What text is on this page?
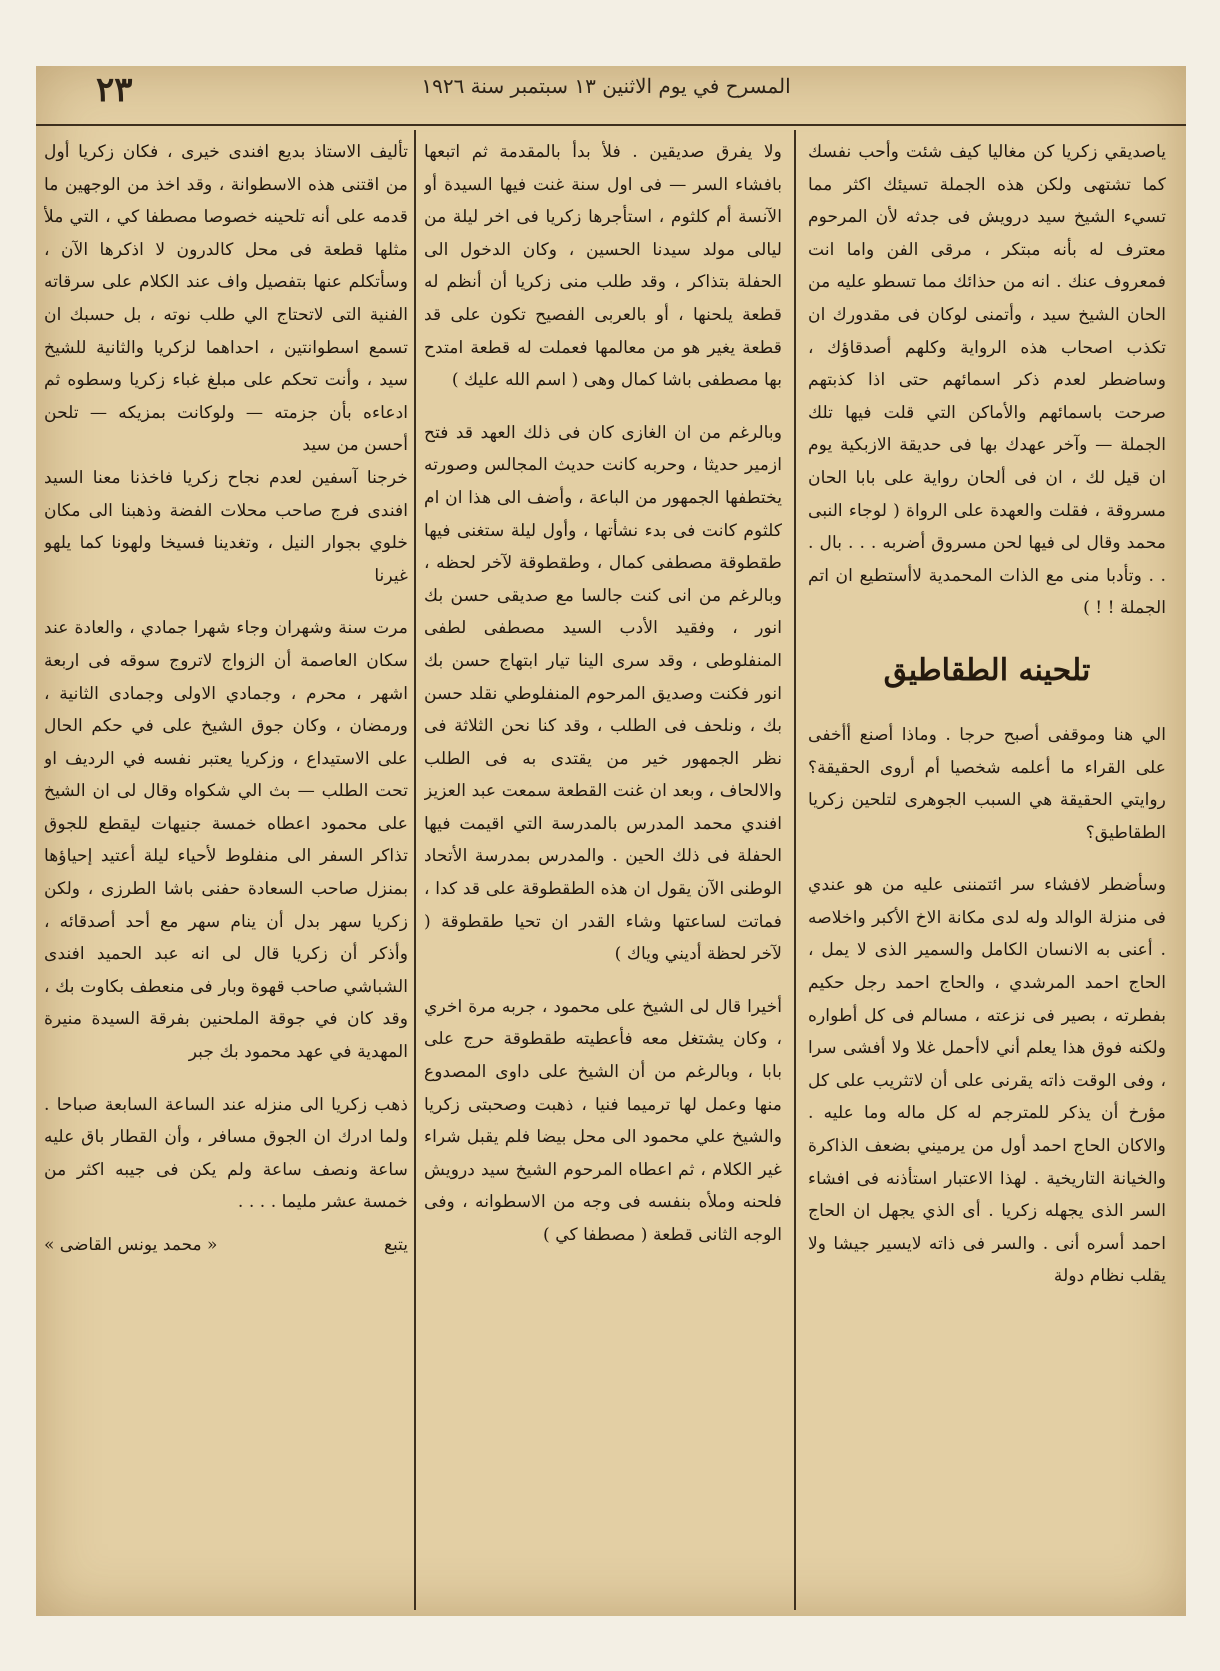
المسرح في يوم الاثنين ١٣ سبتمبر سنة ١٩٢٦
٢٣

ياصديقي زكريا كن مغاليا كيف شئت وأحب نفسك كما تشتهى ولكن هذه الجملة تسيئك اكثر مما تسيء الشيخ سيد درويش فى جدثه لأن المرحوم معترف له بأنه مبتكر ، مرقى الفن واما انت فمعروف عنك . انه من حذائك مما تسطو عليه من الحان الشيخ سيد ، وأتمنى لوكان فى مقدورك ان تكذب اصحاب هذه الرواية وكلهم أصدقاؤك ، وساضطر لعدم ذكر اسمائهم حتى اذا كذبتهم صرحت باسمائهم والأماكن التي قلت فيها تلك الجملة — وآخر عهدك بها فى حديقة الازبكية يوم ان قيل لك ، ان فى ألحان رواية على بابا الحان مسروقة ، فقلت والعهدة على الرواة ( لوجاء النبى محمد وقال لى فيها لحن مسروق أضربه . . . بال . . . وتأدبا منى مع الذات المحمدية لاأستطيع ان اتم الجملة ! ! )

تلحينه الطقاطيق

الي هنا وموقفى أصبح حرجا . وماذا أصنع أأخفى على القراء ما أعلمه شخصيا أم أروى الحقيقة؟ روايتي الحقيقة هي السبب الجوهرى لتلحين زكريا الطقاطيق؟

وسأضطر لافشاء سر ائتمننى عليه من هو عندي فى منزلة الوالد وله لدى مكانة الاخ الأكبر واخلاصه . أعنى به الانسان الكامل والسمير الذى لا يمل ، الحاج احمد المرشدي ، والحاج احمد رجل حكيم بفطرته ، بصير فى نزعته ، مسالم فى كل أطواره ولكنه فوق هذا يعلم أني لاأحمل غلا ولا أفشى سرا ، وفى الوقت ذاته يقرنى على أن لاتثريب على كل مؤرخ أن يذكر للمترجم له كل ماله وما عليه . والاكان الحاج احمد أول من يرميني بضعف الذاكرة والخيانة التاريخية . لهذا الاعتبار استأذنه فى افشاء السر الذى يجهله زكريا . أى الذي يجهل ان الحاج احمد أسره أنى . والسر فى ذاته لايسير جيشا ولا يقلب نظام دولة

ولا يفرق صديقين . فلأ بدأ بالمقدمة ثم اتبعها بافشاء السر — فى اول سنة غنت فيها السيدة أو الآنسة أم كلثوم ، استأجرها زكريا فى اخر ليلة من ليالى مولد سيدنا الحسين ، وكان الدخول الى الحفلة بتذاكر ، وقد طلب منى زكريا أن أنظم له قطعة يلحنها ، أو بالعربى الفصيح تكون على قد قطعة يغير هو من معالمها فعملت له قطعة امتدح بها مصطفى باشا كمال وهى ( اسم الله عليك )

وبالرغم من ان الغازى كان فى ذلك العهد قد فتح ازمير حديثا ، وحربه كانت حديث المجالس وصورته يختطفها الجمهور من الباعة ، وأضف الى هذا ان ام كلثوم كانت فى بدء نشأتها ، وأول ليلة ستغنى فيها طقطوقة مصطفى كمال ، وطقطوقة لآخر لحظه ، وبالرغم من انى كنت جالسا مع صديقى حسن بك انور ، وفقيد الأدب السيد مصطفى لطفى المنفلوطى ، وقد سرى الينا تيار ابتهاج حسن بك انور فكنت وصديق المرحوم المنفلوطي نقلد حسن بك ، ونلحف فى الطلب ، وقد كنا نحن الثلاثة فى نظر الجمهور خير من يقتدى به فى الطلب والالحاف ، وبعد ان غنت القطعة سمعت عبد العزيز افندي محمد المدرس بالمدرسة التي اقيمت فيها الحفلة فى ذلك الحين . والمدرس بمدرسة الأتحاد الوطنى الآن يقول ان هذه الطقطوقة على قد كدا ، فماتت لساعتها وشاء القدر ان تحيا طقطوقة ( لآخر لحظة أديني وياك )

أخيرا قال لى الشيخ على محمود ، جربه مرة اخري ، وكان يشتغل معه فأعطيته طقطوقة حرج على بابا ، وبالرغم من أن الشيخ على داوى المصدوع منها وعمل لها ترميما فنيا ، ذهبت وصحبتى زكريا والشيخ علي محمود الى محل بيضا فلم يقبل شراء غير الكلام ، ثم اعطاه المرحوم الشيخ سيد درويش فلحنه وملأه بنفسه فى وجه من الاسطوانه ، وفى الوجه الثانى قطعة ( مصطفا كي )

تأليف الاستاذ بديع افندى خيرى ، فكان زكريا أول من اقتنى هذه الاسطوانة ، وقد اخذ من الوجهين ما قدمه على أنه تلحينه خصوصا مصطفا كي ، التي ملأ مثلها قطعة فى محل كالدرون لا اذكرها الآن ، وسأتكلم عنها بتفصيل واف عند الكلام على سرقاته الفنية التى لاتحتاج الي طلب نوته ، بل حسبك ان تسمع اسطوانتين ، احداهما لزكريا والثانية للشيخ سيد ، وأنت تحكم على مبلغ غباء زكريا وسطوه ثم ادعاءه بأن جزمته — ولوكانت بمزيكه — تلحن أحسن من سيد

خرجنا آسفين لعدم نجاح زكريا فاخذنا معنا السيد افندى فرج صاحب محلات الفضة وذهبنا الى مكان خلوي بجوار النيل ، وتغدينا فسيخا ولهونا كما يلهو غيرنا

مرت سنة وشهران وجاء شهرا جمادي ، والعادة عند سكان العاصمة أن الزواج لاتروج سوقه فى اربعة اشهر ، محرم ، وجمادي الاولى وجمادى الثانية ، ورمضان ، وكان جوق الشيخ على في حكم الحال على الاستيداع ، وزكريا يعتبر نفسه في الرديف او تحت الطلب — بث الي شكواه وقال لى ان الشيخ على محمود اعطاه خمسة جنيهات ليقطع للجوق تذاكر السفر الى منفلوط لأحياء ليلة أعتيد إحياؤها بمنزل صاحب السعادة حفنى باشا الطرزى ، ولكن زكريا سهر بدل أن ينام سهر مع أحد أصدقائه ، وأذكر أن زكريا قال لى انه عبد الحميد افندى الشباشي صاحب قهوة وبار فى منعطف بكاوت بك ، وقد كان في جوقة الملحنين بفرقة السيدة منيرة المهدية في عهد محمود بك جبر

ذهب زكريا الى منزله عند الساعة السابعة صباحا . ولما ادرك ان الجوق مسافر ، وأن القطار باق عليه ساعة ونصف ساعة ولم يكن فى جيبه اكثر من خمسة عشر مليما . . . .

يتبع
« محمد يونس القاضى »
